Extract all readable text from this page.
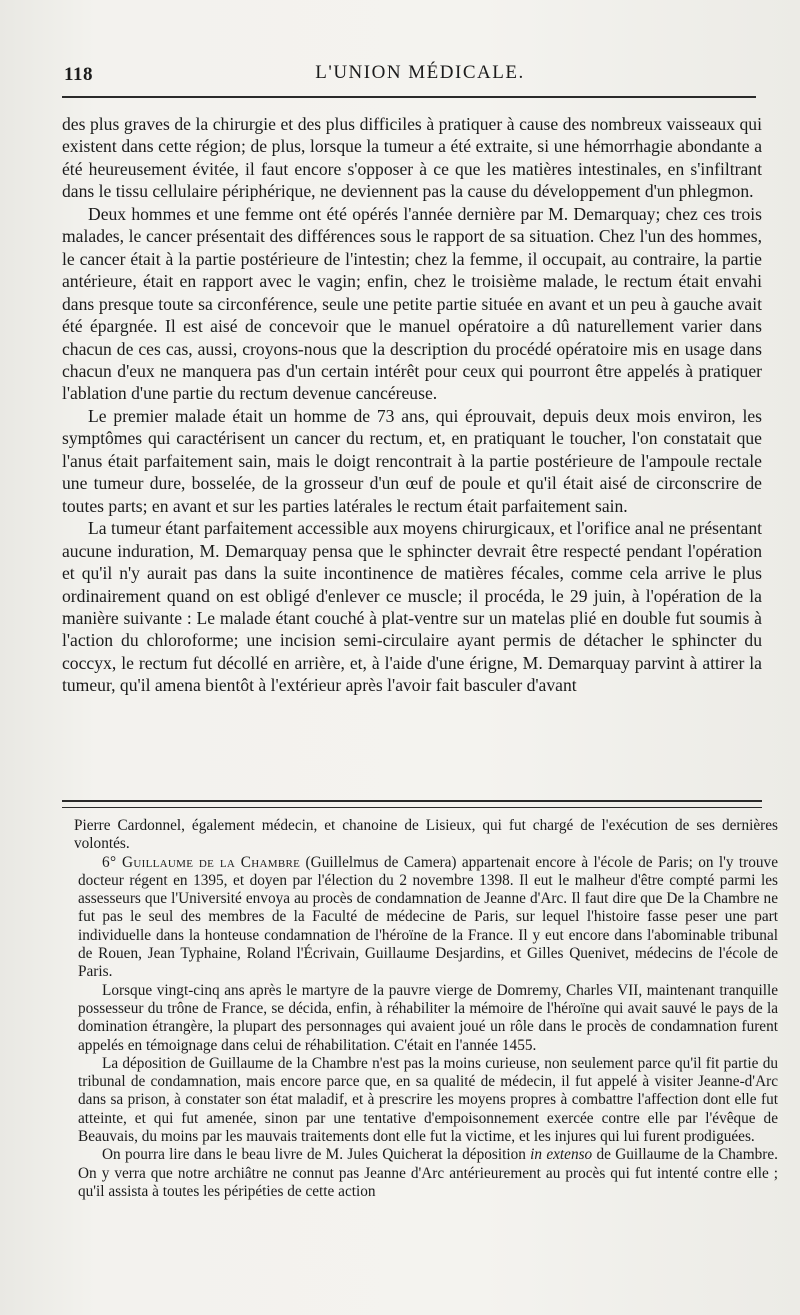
118	L'UNION MÉDICALE.

des plus graves de la chirurgie et des plus difficiles à pratiquer à cause des nombreux vaisseaux qui existent dans cette région; de plus, lorsque la tumeur a été extraite, si une hémorrhagie abondante a été heureusement évitée, il faut encore s'opposer à ce que les matières intestinales, en s'infiltrant dans le tissu cellulaire périphérique, ne deviennent pas la cause du développement d'un phlegmon.

Deux hommes et une femme ont été opérés l'année dernière par M. Demarquay; chez ces trois malades, le cancer présentait des différences sous le rapport de sa situation. Chez l'un des hommes, le cancer était à la partie postérieure de l'intestin; chez la femme, il occupait, au contraire, la partie antérieure, était en rapport avec le vagin; enfin, chez le troisième malade, le rectum était envahi dans presque toute sa circonférence, seule une petite partie située en avant et un peu à gauche avait été épargnée. Il est aisé de concevoir que le manuel opératoire a dû naturellement varier dans chacun de ces cas, aussi, croyons-nous que la description du procédé opératoire mis en usage dans chacun d'eux ne manquera pas d'un certain intérêt pour ceux qui pourront être appelés à pratiquer l'ablation d'une partie du rectum devenue cancéreuse.

Le premier malade était un homme de 73 ans, qui éprouvait, depuis deux mois environ, les symptômes qui caractérisent un cancer du rectum, et, en pratiquant le toucher, l'on constatait que l'anus était parfaitement sain, mais le doigt rencontrait à la partie postérieure de l'ampoule rectale une tumeur dure, bosselée, de la grosseur d'un œuf de poule et qu'il était aisé de circonscrire de toutes parts; en avant et sur les parties latérales le rectum était parfaitement sain.

La tumeur étant parfaitement accessible aux moyens chirurgicaux, et l'orifice anal ne présentant aucune induration, M. Demarquay pensa que le sphincter devrait être respecté pendant l'opération et qu'il n'y aurait pas dans la suite incontinence de matières fécales, comme cela arrive le plus ordinairement quand on est obligé d'enlever ce muscle; il procéda, le 29 juin, à l'opération de la manière suivante : Le malade étant couché à plat-ventre sur un matelas plié en double fut soumis à l'action du chloroforme; une incision semi-circulaire ayant permis de détacher le sphincter du coccyx, le rectum fut décollé en arrière, et, à l'aide d'une érigne, M. Demarquay parvint à attirer la tumeur, qu'il amena bientôt à l'extérieur après l'avoir fait basculer d'avant

Pierre Cardonnel, également médecin, et chanoine de Lisieux, qui fut chargé de l'exécution de ses dernières volontés.

6° Guillaume de la Chambre (Guillelmus de Camera) appartenait encore à l'école de Paris; on l'y trouve docteur régent en 1395, et doyen par l'élection du 2 novembre 1398. Il eut le malheur d'être compté parmi les assesseurs que l'Université envoya au procès de condamnation de Jeanne d'Arc. Il faut dire que De la Chambre ne fut pas le seul des membres de la Faculté de médecine de Paris, sur lequel l'histoire fasse peser une part individuelle dans la honteuse condamnation de l'héroïne de la France. Il y eut encore dans l'abominable tribunal de Rouen, Jean Typhaine, Roland l'Écrivain, Guillaume Desjardins, et Gilles Quenivet, médecins de l'école de Paris.

Lorsque vingt-cinq ans après le martyre de la pauvre vierge de Domremy, Charles VII, maintenant tranquille possesseur du trône de France, se décida, enfin, à réhabiliter la mémoire de l'héroïne qui avait sauvé le pays de la domination étrangère, la plupart des personnages qui avaient joué un rôle dans le procès de condamnation furent appelés en témoignage dans celui de réhabilitation. C'était en l'année 1455.

La déposition de Guillaume de la Chambre n'est pas la moins curieuse, non seulement parce qu'il fit partie du tribunal de condamnation, mais encore parce que, en sa qualité de médecin, il fut appelé à visiter Jeanne-d'Arc dans sa prison, à constater son état maladif, et à prescrire les moyens propres à combattre l'affection dont elle fut atteinte, et qui fut amenée, sinon par une tentative d'empoisonnement exercée contre elle par l'évêque de Beauvais, du moins par les mauvais traitements dont elle fut la victime, et les injures qui lui furent prodiguées.

On pourra lire dans le beau livre de M. Jules Quicherat la déposition in extenso de Guillaume de la Chambre. On y verra que notre archiâtre ne connut pas Jeanne d'Arc antérieurement au procès qui fut intenté contre elle ; qu'il assista à toutes les péripéties de cette action
